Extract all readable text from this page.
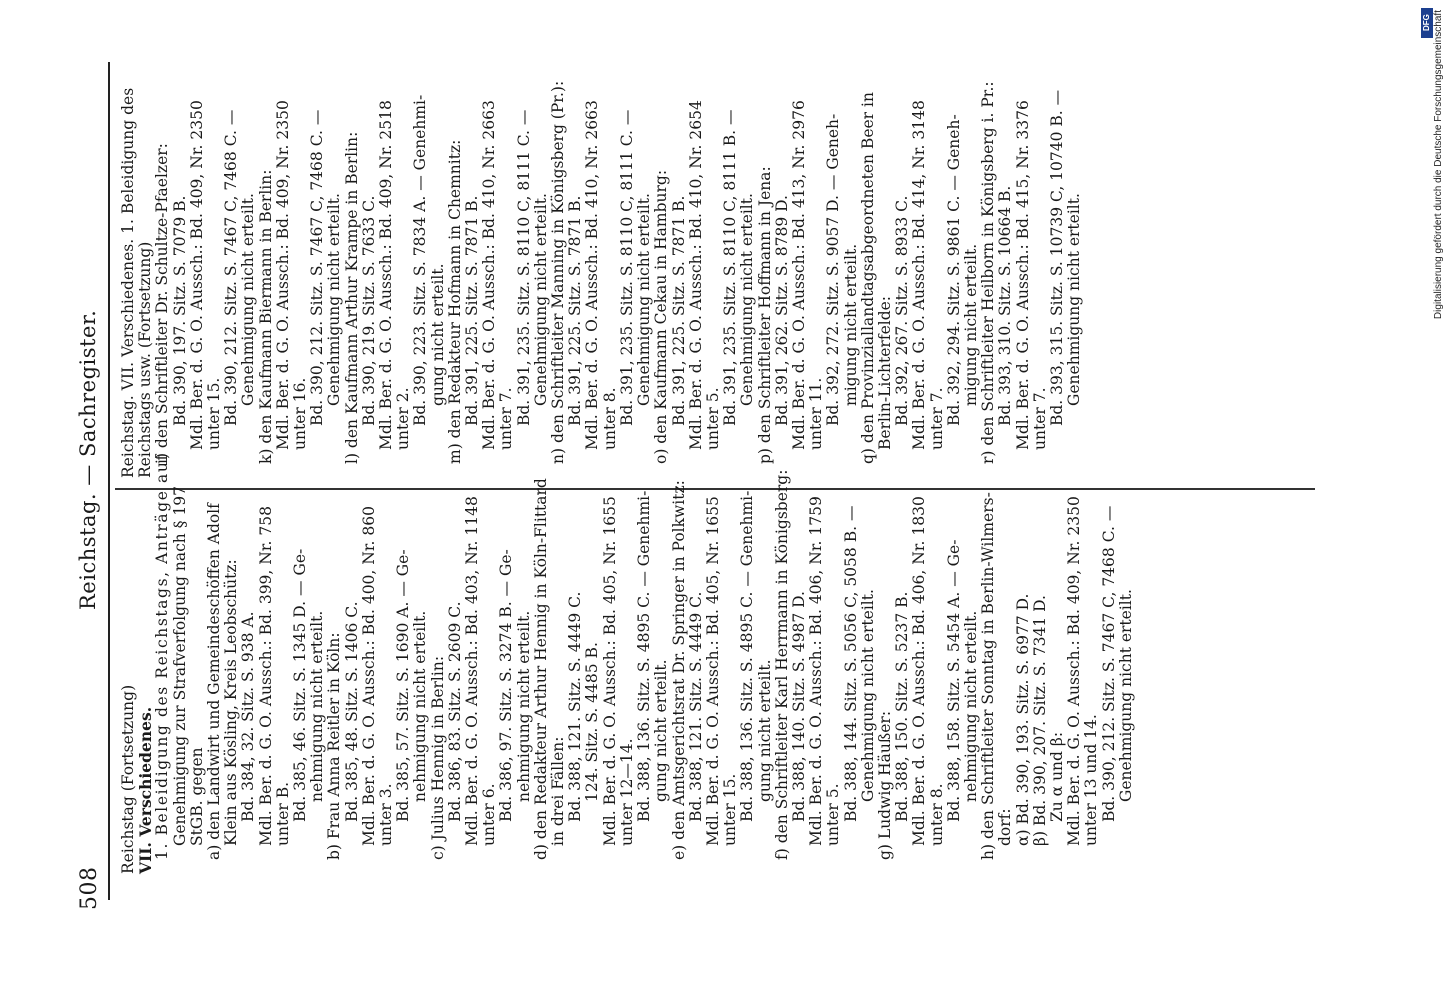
508
Reichstag. — Sachregister.
Reichstag (Fortsetzung) VII. Verschiedenes.
1. Beleidigung des Reichstags, Anträge auf Genehmigung zur Strafverfolgung nach § 197 StGB. gegen a) den Landwirt und Gemeindeschöffen Adolf Klein aus Kösling, Kreis Leobschütz: Bd. 384, 32. Sitz. S. 938 A. Mdl. Ber. d. G. O. Aussch.: Bd. 399, Nr. 758 unter B. Bd. 385, 46. Sitz. S. 1345 D. — Ge- nehmigung nicht erteilt. b) Frau Anna Reitler in Köln: Bd. 385, 48. Sitz. S. 1406 C. Mdl. Ber. d. G. O. Aussch.: Bd. 400, Nr. 860 unter 3. Bd. 385, 57. Sitz. S. 1690 A. — Ge- nehmigung nicht erteilt. c) Julius Hennig in Berlin: Bd. 386, 83. Sitz. S. 2609 C. Mdl. Ber. d. G. O. Aussch.: Bd. 403, Nr. 1148 unter 6. Bd. 386, 97. Sitz. S. 3274 B. — Ge- nehmigung nicht erteilt. d) den Redakteur Arthur Hennig in Köln-Flittard in drei Fällen: Bd. 388, 121. Sitz. S. 4449 C. 124. Sitz. S. 4485 B. Mdl. Ber. d. G. O. Aussch.: Bd. 405, Nr. 1655 unter 12—14. Bd. 388, 136. Sitz. S. 4895 C. — Genehmi- gung nicht erteilt. e) den Amtsgerichtsrat Dr. Springer in Polkwitz: Bd. 388, 121. Sitz. S. 4449 C. Mdl. Ber. d. G. O. Aussch.: Bd. 405, Nr. 1655 unter 15. Bd. 388, 136. Sitz. S. 4895 C. — Genehmi- gung nicht erteilt. f) den Schriftleiter Karl Herrmann in Königsberg: Bd. 388, 140. Sitz. S. 4987 D. Mdl. Ber. d. G. O. Aussch.: Bd. 406, Nr. 1759 unter 5. Bd. 388, 144. Sitz. S. 5056 C, 5058 B. — Genehmigung nicht erteilt. g) Ludwig Häußer: Bd. 388, 150. Sitz. S. 5237 B. Mdl. Ber. d. G. O. Aussch.: Bd. 406, Nr. 1830 unter 8. Bd. 388, 158. Sitz. S. 5454 A. — Ge- nehmigung nicht erteilt. h) den Schriftleiter Sonntag in Berlin-Wilmers- dorf: α) Bd. 390, 193. Sitz. S. 6977 D. β) Bd. 390, 207. Sitz. S. 7341 D. Zu α und β: Mdl. Ber. d. G. O. Aussch.: Bd. 409, Nr. 2350 unter 13 und 14. Bd. 390, 212. Sitz. S. 7467 C, 7468 C. — Genehmigung nicht erteilt.
Reichstag. VII. Verschiedenes. 1. Beleidigung des Reichstags usw. (Fortsetzung) i) den Schriftleiter Dr. Schultze-Pfaelzer: Bd. 390, 197. Sitz. S. 7079 B. Mdl. Ber. d. G. O. Aussch.: Bd. 409, Nr. 2350 unter 15. Bd. 390, 212. Sitz. S. 7467 C, 7468 C. — Genehmigung nicht erteilt. k) den Kaufmann Biermann in Berlin: Mdl. Ber. d. G. O. Aussch.: Bd. 409, Nr. 2350 unter 16. Bd. 390, 212. Sitz. S. 7467 C, 7468 C. — Genehmigung nicht erteilt. l) den Kaufmann Arthur Krampe in Berlin: Bd. 390, 219. Sitz. S. 7633 C. Mdl. Ber. d. G. O. Aussch.: Bd. 409, Nr. 2518 unter 2. Bd. 390, 223. Sitz. S. 7834 A. — Genehmi- gung nicht erteilt. m) den Redakteur Hofmann in Chemnitz: Bd. 391, 225. Sitz. S. 7871 B. Mdl. Ber. d. G. O. Aussch.: Bd. 410, Nr. 2663 unter 7. Bd. 391, 235. Sitz. S. 8110 C, 8111 C. — Genehmigung nicht erteilt. n) den Schriftleiter Manning in Königsberg (Pr.): Bd. 391, 225. Sitz. S. 7871 B. Mdl. Ber. d. G. O. Aussch.: Bd. 410, Nr. 2663 unter 8. Bd. 391, 235. Sitz. S. 8110 C, 8111 C. — Genehmigung nicht erteilt. o) den Kaufmann Cekau in Hamburg: Bd. 391, 225. Sitz. S. 7871 B. Mdl. Ber. d. G. O. Aussch.: Bd. 410, Nr. 2654 unter 5. Bd. 391, 235. Sitz. S. 8110 C, 8111 B. — Genehmigung nicht erteilt. p) den Schriftleiter Hoffmann in Jena: Bd. 391, 262. Sitz. S. 8789 D. Mdl. Ber. d. G. O. Aussch.: Bd. 413, Nr. 2976 unter 11. Bd. 392, 272. Sitz. S. 9057 D. — Geneh- migung nicht erteilt. q) den Provinziallandtagsabgeordneten Beer in Berlin-Lichterfelde: Bd. 392, 267. Sitz. S. 8933 C. Mdl. Ber. d. G. O. Aussch.: Bd. 414, Nr. 3148 unter 7. Bd. 392, 294. Sitz. S. 9861 C. — Geneh- migung nicht erteilt. r) den Schriftleiter Heilborn in Königsberg i. Pr.: Bd. 393, 310. Sitz. S. 10664 B. Mdl. Ber. d. G. O. Aussch.: Bd. 415, Nr. 3376 unter 7. Bd. 393, 315. Sitz. S. 10739 C, 10740 B. — Genehmigung nicht erteilt.
DFG Digitalisierung gefördert durch die Deutsche Forschungsgemeinschaft
